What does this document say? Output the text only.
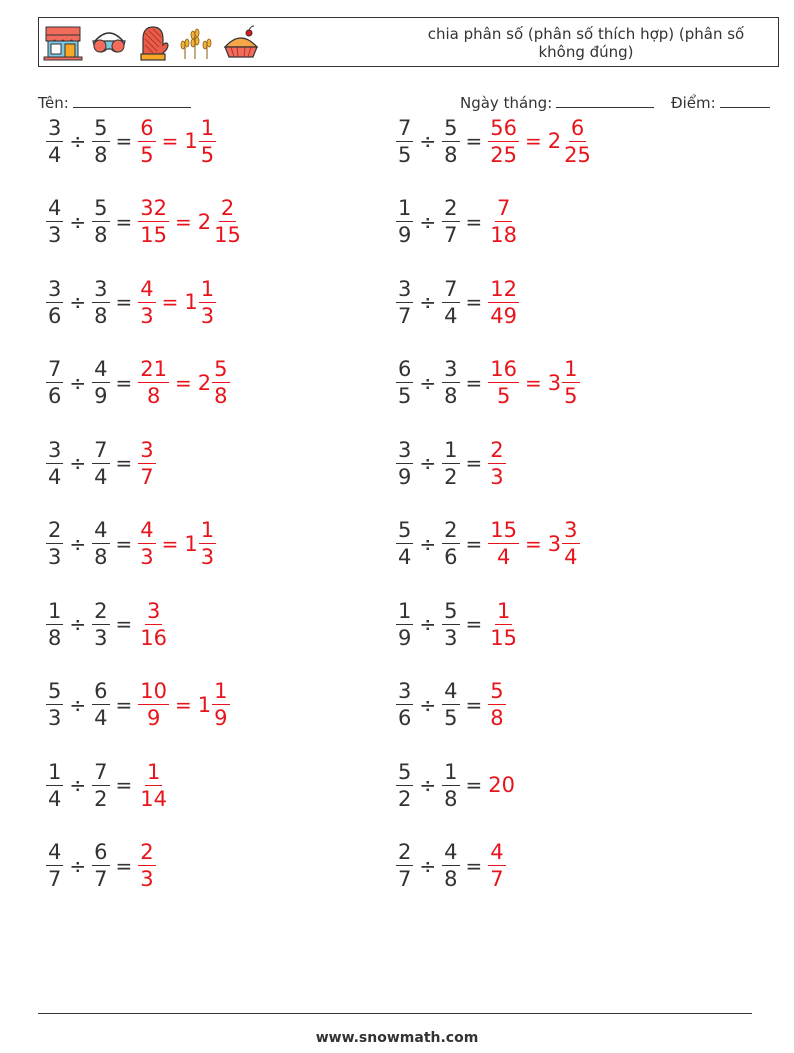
chia phân số (phân số thích hợp) (phân số không đúng)
Tên:	Ngày tháng:	Điểm:
$\frac{3}{4} \div \frac{5}{8} = \frac{6}{5} = 1 \frac{1}{5}$	$\frac{7}{5} \div \frac{5}{8} = \frac{56}{25} = 2 \frac{6}{25}$
$\frac{4}{3} \div \frac{5}{8} = \frac{32}{15} = 2 \frac{2}{15}$	$\frac{1}{9} \div \frac{2}{7} = \frac{7}{18}$
$\frac{3}{6} \div \frac{3}{8} = \frac{4}{3} = 1 \frac{1}{3}$	$\frac{3}{7} \div \frac{7}{4} = \frac{12}{49}$
$\frac{7}{6} \div \frac{4}{9} = \frac{21}{8} = 2 \frac{5}{8}$	$\frac{6}{5} \div \frac{3}{8} = \frac{16}{5} = 3 \frac{1}{5}$
$\frac{3}{4} \div \frac{7}{4} = \frac{3}{7}$	$\frac{3}{9} \div \frac{1}{2} = \frac{2}{3}$
$\frac{2}{3} \div \frac{4}{8} = \frac{4}{3} = 1 \frac{1}{3}$	$\frac{5}{4} \div \frac{2}{6} = \frac{15}{4} = 3 \frac{3}{4}$
$\frac{1}{8} \div \frac{2}{3} = \frac{3}{16}$	$\frac{1}{9} \div \frac{5}{3} = \frac{1}{15}$
$\frac{5}{3} \div \frac{6}{4} = \frac{10}{9} = 1 \frac{1}{9}$	$\frac{3}{6} \div \frac{4}{5} = \frac{5}{8}$
$\frac{1}{4} \div \frac{7}{2} = \frac{1}{14}$	$\frac{5}{2} \div \frac{1}{8} = 20$
$\frac{4}{7} \div \frac{6}{7} = \frac{2}{3}$	$\frac{2}{7} \div \frac{4}{8} = \frac{4}{7}$
www.snowmath.com
